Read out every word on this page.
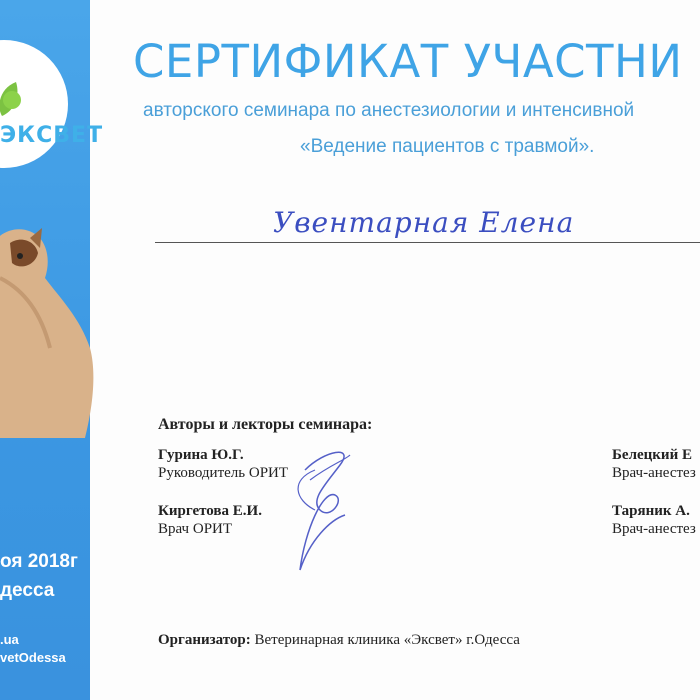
ЭКСВЕТ
оя 2018г
десса
.ua
vetOdessa
СЕРТИФИКАТ УЧАСТНИ
авторского семинара по анестезиологии и интенсивной
«Ведение пациентов с травмой».
Увентарная Елена
Авторы и лекторы семинара:
Гурина Ю.Г.
Руководитель ОРИТ
Киргетова Е.И.
Врач ОРИТ
Белецкий Е
Врач-анестез
Таряник А.
Врач-анестез
Организатор: Ветеринарная клиника «Эксвет» г.Одесса
